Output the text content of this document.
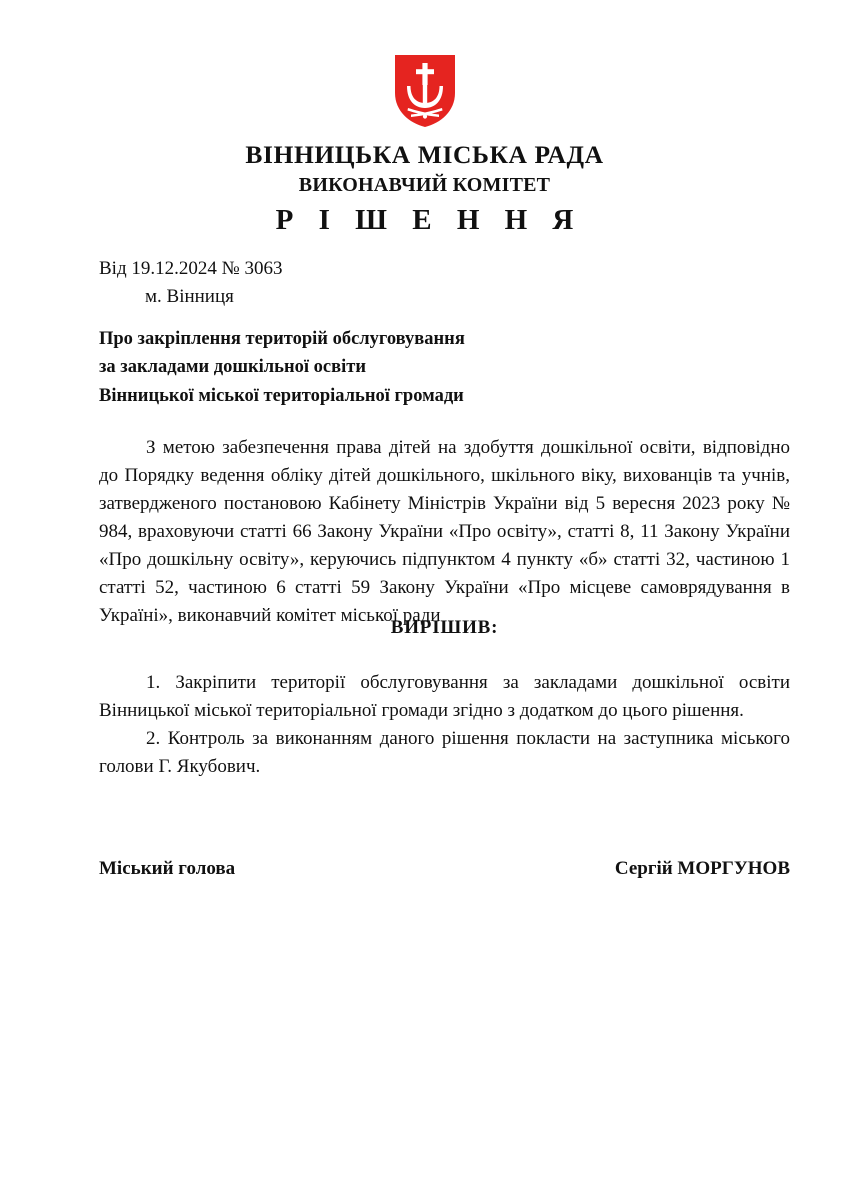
ВІННИЦЬКА МІСЬКА РАДА
ВИКОНАВЧИЙ КОМІТЕТ
Р І Ш Е Н Н Я
Від 19.12.2024 № 3063
м. Вінниця
Про закріплення територій обслуговування
за закладами дошкільної освіти
Вінницької міської територіальної громади
З метою забезпечення права дітей на здобуття дошкільної освіти, відповідно до Порядку ведення обліку дітей дошкільного, шкільного віку, вихованців та учнів, затвердженого постановою Кабінету Міністрів України від 5 вересня 2023 року № 984, враховуючи статті 66 Закону України «Про освіту», статті 8, 11 Закону України «Про дошкільну освіту», керуючись підпунктом 4 пункту «б» статті 32, частиною 1 статті 52, частиною 6 статті 59 Закону України «Про місцеве самоврядування в Україні», виконавчий комітет міської ради
ВИРІШИВ:

1. Закріпити території обслуговування за закладами дошкільної освіти Вінницької міської територіальної громади згідно з додатком до цього рішення.

2. Контроль за виконанням даного рішення покласти на заступника міського голови Г. Якубович.

Міський голова	Сергій МОРГУНОВ
